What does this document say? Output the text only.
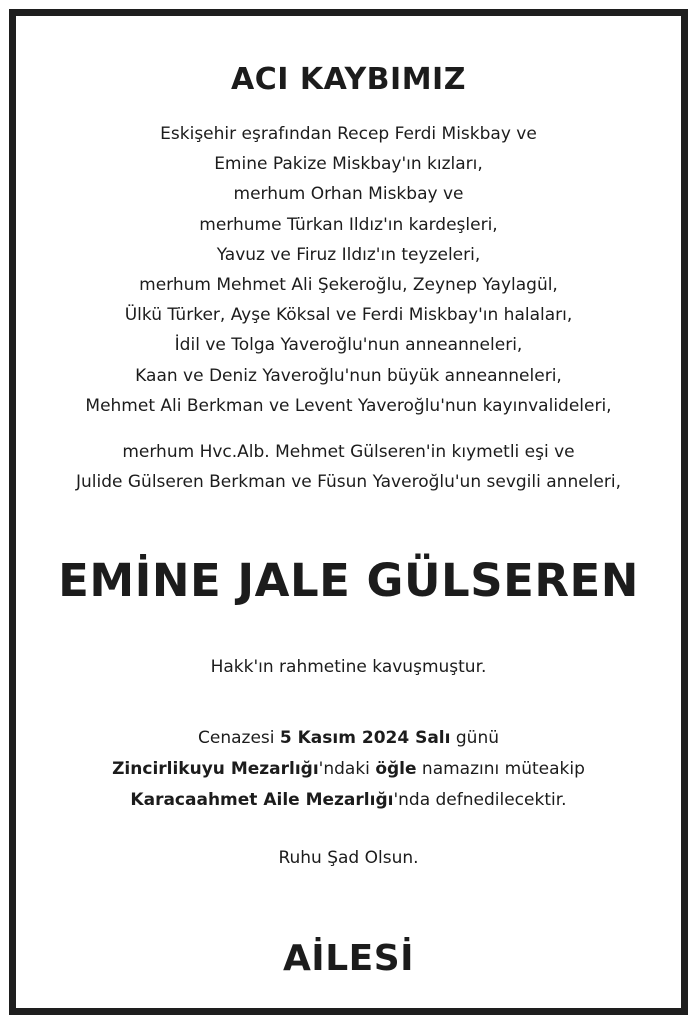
ACI KAYBIMIZ
Eskişehir eşrafından Recep Ferdi Miskbay ve
Emine Pakize Miskbay'ın kızları,
merhum Orhan Miskbay ve
merhume Türkan Ildız'ın kardeşleri,
Yavuz ve Firuz Ildız'ın teyzeleri,
merhum Mehmet Ali Şekeroğlu, Zeynep Yaylagül,
Ülkü Türker, Ayşe Köksal ve Ferdi Miskbay'ın halaları,
İdil ve Tolga Yaveroğlu'nun anneanneleri,
Kaan ve Deniz Yaveroğlu'nun büyük anneanneleri,
Mehmet Ali Berkman ve Levent Yaveroğlu'nun kayınvalideleri,
merhum Hvc.Alb. Mehmet Gülseren'in kıymetli eşi ve
Julide Gülseren Berkman ve Füsun Yaveroğlu'un sevgili anneleri,
EMİNE JALE GÜLSEREN
Hakk'ın rahmetine kavuşmuştur.
Cenazesi 5 Kasım 2024 Salı günü
Zincirlikuyu Mezarlığı'ndaki öğle namazını müteakip
Karacaahmet Aile Mezarlığı'nda defnedilecektir.
Ruhu Şad Olsun.
AİLESİ
